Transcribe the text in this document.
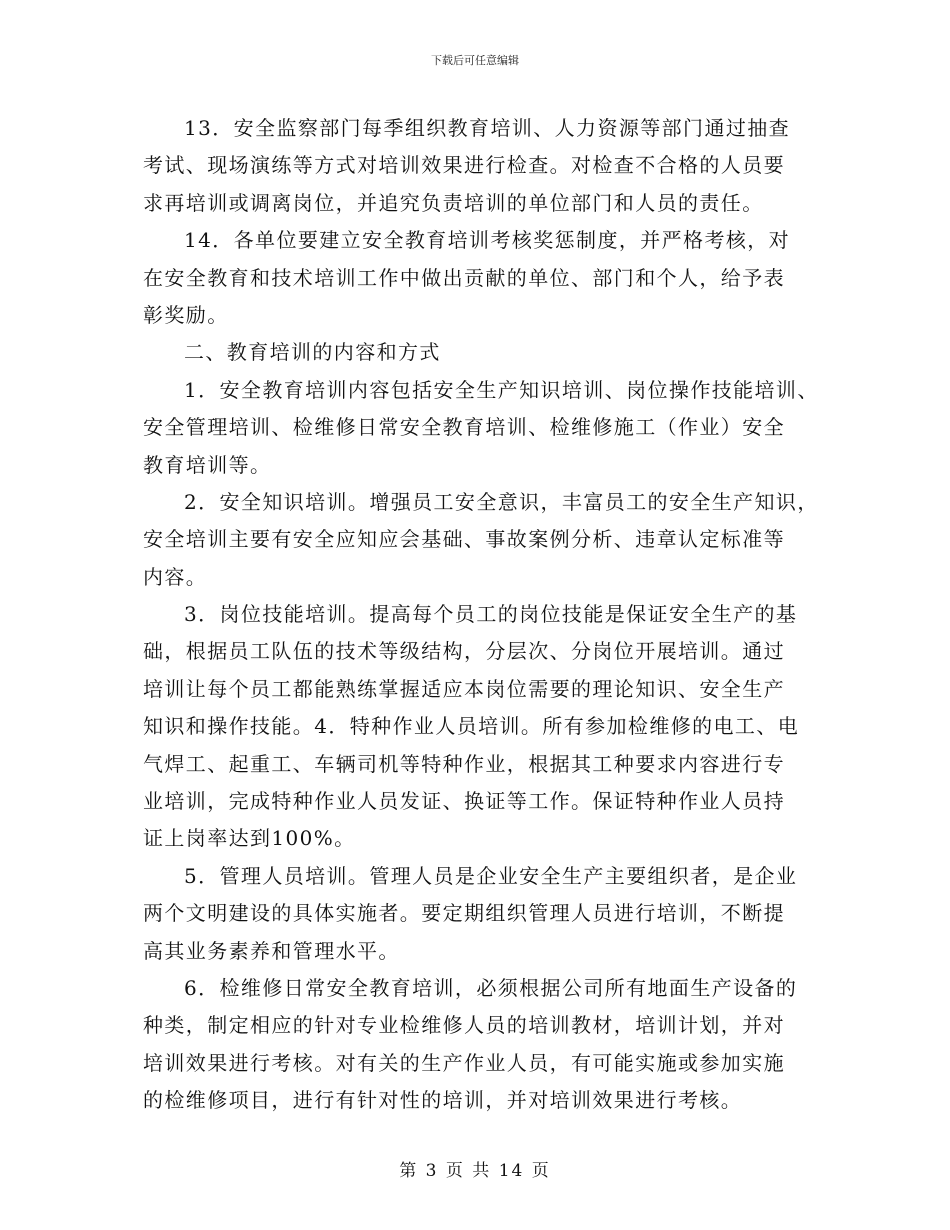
下载后可任意编辑
13．安全监察部门每季组织教育培训、人力资源等部门通过抽查
考试、现场演练等方式对培训效果进行检查。对检查不合格的人员要
求再培训或调离岗位，并追究负责培训的单位部门和人员的责任。
14．各单位要建立安全教育培训考核奖惩制度，并严格考核，对
在安全教育和技术培训工作中做出贡献的单位、部门和个人，给予表
彰奖励。
二、教育培训的内容和方式
1．安全教育培训内容包括安全生产知识培训、岗位操作技能培训、
安全管理培训、检维修日常安全教育培训、检维修施工（作业）安全
教育培训等。
2．安全知识培训。增强员工安全意识，丰富员工的安全生产知识，
安全培训主要有安全应知应会基础、事故案例分析、违章认定标准等
内容。
3．岗位技能培训。提高每个员工的岗位技能是保证安全生产的基
础，根据员工队伍的技术等级结构，分层次、分岗位开展培训。通过
培训让每个员工都能熟练掌握适应本岗位需要的理论知识、安全生产
知识和操作技能。4．特种作业人员培训。所有参加检维修的电工、电
气焊工、起重工、车辆司机等特种作业，根据其工种要求内容进行专
业培训，完成特种作业人员发证、换证等工作。保证特种作业人员持
证上岗率达到100%。
5．管理人员培训。管理人员是企业安全生产主要组织者，是企业
两个文明建设的具体实施者。要定期组织管理人员进行培训，不断提
高其业务素养和管理水平。
6．检维修日常安全教育培训，必须根据公司所有地面生产设备的
种类，制定相应的针对专业检维修人员的培训教材，培训计划，并对
培训效果进行考核。对有关的生产作业人员，有可能实施或参加实施
的检维修项目，进行有针对性的培训，并对培训效果进行考核。
第 3 页 共 14 页
